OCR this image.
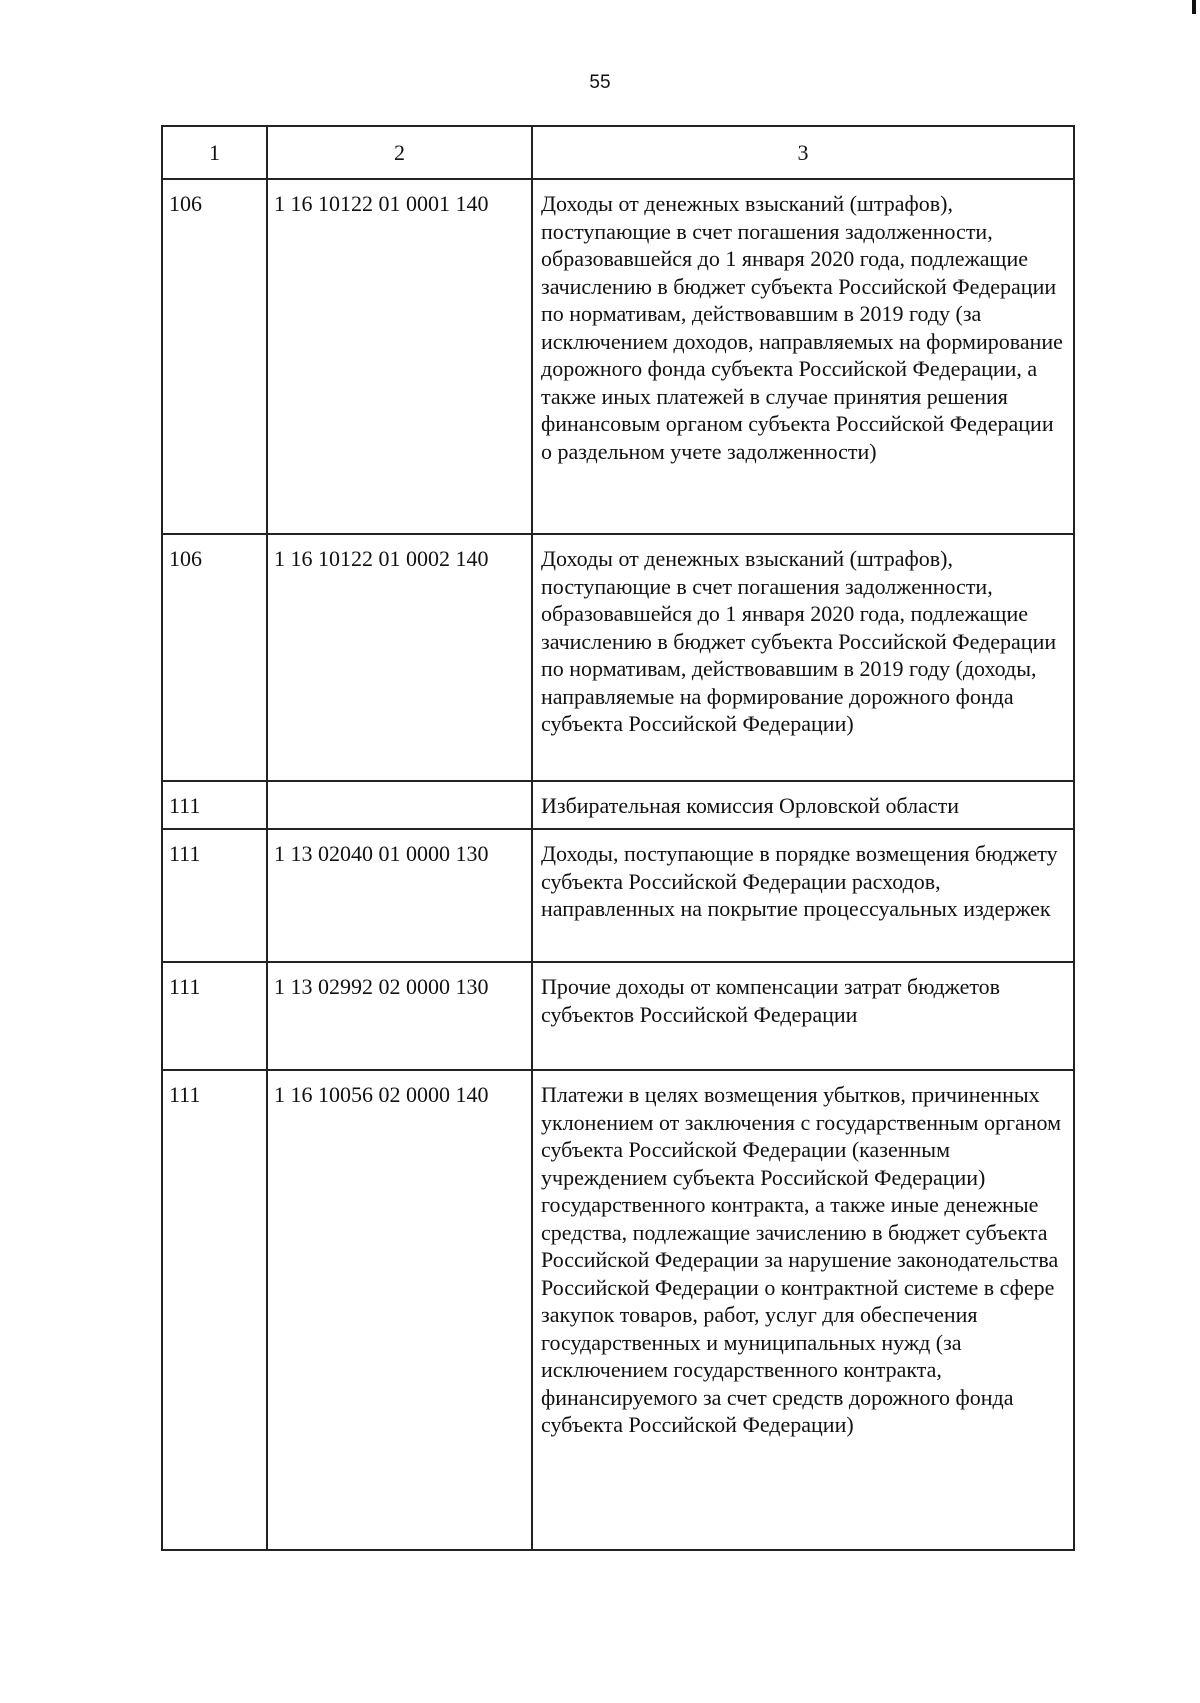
55
1	2	3
106	1 16 10122 01 0001 140	Доходы от денежных взысканий (штрафов), поступающие в счет погашения задолженности, образовавшейся до 1 января 2020 года, подлежащие зачислению в бюджет субъекта Российской Федерации по нормативам, действовавшим в 2019 году (за исключением доходов, направляемых на формирование дорожного фонда субъекта Российской Федерации, а также иных платежей в случае принятия решения финансовым органом субъекта Российской Федерации о раздельном учете задолженности)
106	1 16 10122 01 0002 140	Доходы от денежных взысканий (штрафов), поступающие в счет погашения задолженности, образовавшейся до 1 января 2020 года, подлежащие зачислению в бюджет субъекта Российской Федерации по нормативам, действовавшим в 2019 году (доходы, направляемые на формирование дорожного фонда субъекта Российской Федерации)
111		Избирательная комиссия Орловской области
111	1 13 02040 01 0000 130	Доходы, поступающие в порядке возмещения бюджету субъекта Российской Федерации расходов, направленных на покрытие процессуальных издержек
111	1 13 02992 02 0000 130	Прочие доходы от компенсации затрат бюджетов субъектов Российской Федерации
111	1 16 10056 02 0000 140	Платежи в целях возмещения убытков, причиненных уклонением от заключения с государственным органом субъекта Российской Федерации (казенным учреждением субъекта Российской Федерации) государственного контракта, а также иные денежные средства, подлежащие зачислению в бюджет субъекта Российской Федерации за нарушение законодательства Российской Федерации о контрактной системе в сфере закупок товаров, работ, услуг для обеспечения государственных и муниципальных нужд (за исключением государственного контракта, финансируемого за счет средств дорожного фонда субъекта Российской Федерации)
